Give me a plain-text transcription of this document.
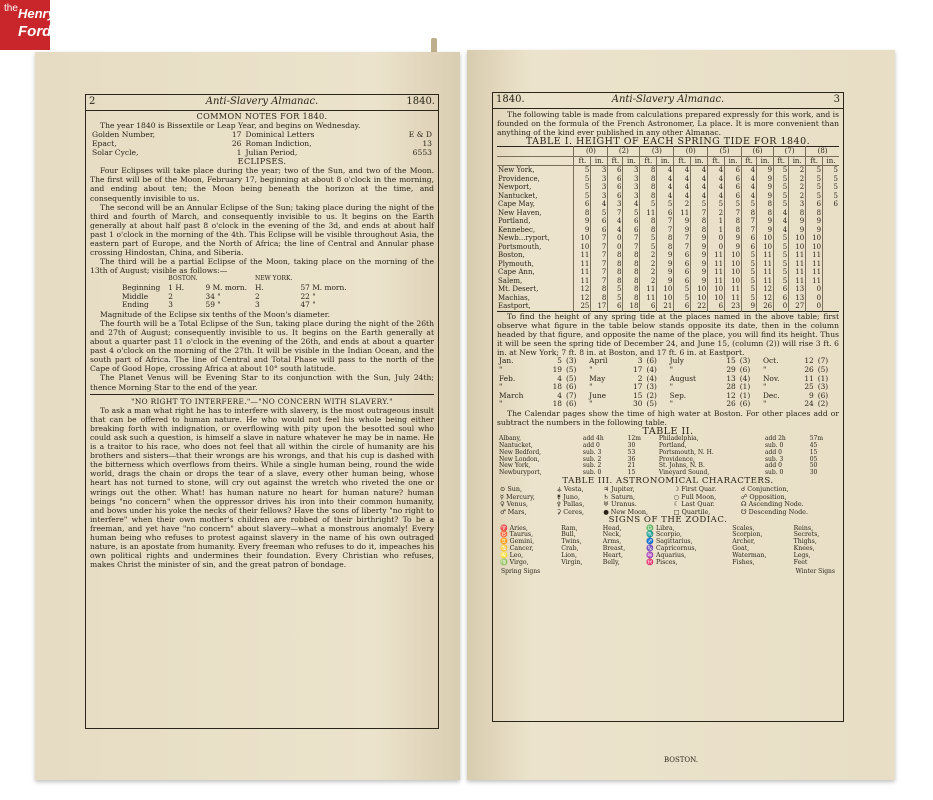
the Henry
Ford
2	Anti-Slavery Almanac.	1840.
COMMON NOTES FOR 1840.

The year 1840 is Bissextile or Leap Year, and begins on Wednesday.

Golden Number,	17	Dominical Letters	E & D
Epact,	26	Roman Indiction,	13
Solar Cycle,	1	Julian Period,	6553
ECLIPSES.

Four Eclipses will take place during the year; two of the Sun, and two of the Moon. The first will be of the Moon, February 17, beginning at about 8 o'clock in the morning, and ending about ten; the Moon being beneath the horizon at the time, and consequently invisible to us.

The second will be an Annular Eclipse of the Sun; taking place during the night of the third and fourth of March, and consequently invisible to us. It begins on the Earth generally at about half past 8 o'clock in the evening of the 3d, and ends at about half past 1 o'clock in the morning of the 4th. This Eclipse will be visible throughout Asia, the eastern part of Europe, and the North of Africa; the line of Central and Annular phase crossing Hindostan, China, and Siberia.

The third will be a partial Eclipse of the Moon, taking place on the morning of the 13th of August; visible as follows:—

	BOSTON.		NEW YORK.	
Beginning	1 H.	9 M. morn.	H.	57 M. morn.
Middle	2	34 "	2	22 "
Ending	3	59 "	3	47 "

Magnitude of the Eclipse six tenths of the Moon's diameter.

The fourth will be a Total Eclipse of the Sun, taking place during the night of the 26th and 27th of August; consequently invisible to us. It begins on the Earth generally at about a quarter past 11 o'clock in the evening of the 26th, and ends at about a quarter past 4 o'clock on the morning of the 27th. It will be visible in the Indian Ocean, and the south part of Africa. The line of Central and Total Phase will pass to the north of the Cape of Good Hope, crossing Africa at about 10° south latitude.

The Planet Venus will be Evening Star to its conjunction with the Sun, July 24th; thence Morning Star to the end of the year.

"NO RIGHT TO INTERFERE."—"NO CONCERN WITH SLAVERY."

To ask a man what right he has to interfere with slavery, is the most outrageous insult that can be offered to human nature. He who would not feel his whole being either breaking forth with indignation, or overflowing with pity upon the besotted soul who could ask such a question, is himself a slave in nature whatever he may be in name. He is a traitor to his race, who does not feel that all within the circle of humanity are his brothers and sisters—that their wrongs are his wrongs, and that his cup is dashed with the bitterness which overflows from theirs. While a single human being, round the wide world, drags the chain or drops the tear of a slave, every other human being, whose heart has not turned to stone, will cry out against the wretch who riveted the one or wrings out the other. What! has human nature no heart for human nature? human beings "no concern" when the oppressor drives his iron into their common humanity, and bows under his yoke the necks of their fellows? Have the sons of liberty "no right to interfere" when their own mother's children are robbed of their birthright? To be a freeman, and yet have "no concern" about slavery—what a monstrous anomaly! Every human being who refuses to protest against slavery in the name of his own outraged nature, is an apostate from humanity. Every freeman who refuses to do it, impeaches his own political rights and undermines their foundation. Every Christian who refuses, makes Christ the minister of sin, and the great patron of bondage.

1840.	Anti-Slavery Almanac.	3

The following table is made from calculations prepared expressly for this work, and is founded on the formula of the French Astronomer, La place. It is more convenient than anything of the kind ever published in any other Almanac.

TABLE I. HEIGHT OF EACH SPRING TIDE FOR 1840.
	(0)		(2)		(3)		(0)		(5)		(6)		(7)		(8)	
	ft.	in.	ft.	in.	ft.	in.	ft.	in.	ft.	in.	ft.	in.	ft.	in.	ft.	in.
New York,	5	3	6	3	8	4	4	4	4	6	4	9	5	2	5	5
Providence,	5	3	6	3	8	4	4	4	4	6	4	9	5	2	5	5
Newport,	5	3	6	3	8	4	4	4	4	6	4	9	5	2	5	5
Nantucket,	5	3	6	3	8	4	4	4	4	6	4	9	5	2	5	5
Cape May,	6	4	3	4	5	5	2	5	5	5	5	8	5	3	6	6
New Haven,	8	5	7	5	11	6	11	7	2	7	8	8	4	8	8	
Portland,	9	6	4	6	8	7	9	8	1	8	7	9	4	9	9	
Kennebec,	9	6	4	6	8	7	9	8	1	8	7	9	4	9	9	
Newb...ryport,	10	7	0	7	5	8	7	9	0	9	6	10	5	10	10	
Portsmouth,	10	7	0	7	5	8	7	9	0	9	6	10	5	10	10	
Boston,	11	7	8	8	2	9	6	9	11	10	5	11	5	11	11	
Plymouth,	11	7	8	8	2	9	6	9	11	10	5	11	5	11	11	
Cape Ann,	11	7	8	8	2	9	6	9	11	10	5	11	5	11	11	
Salem,	11	7	8	8	2	9	6	9	11	10	5	11	5	11	11	
Mt. Desert,	12	8	5	8	11	10	5	10	10	11	5	12	6	13	0	
Machias,	12	8	5	8	11	10	5	10	10	11	5	12	6	13	0	
Eastport,	25	17	6	18	6	21	6	22	6	23	9	26	0	27	0	

To find the height of any spring tide at the places named in the above table; first observe what figure in the table below stands opposite its date, then in the column headed by that figure, and opposite the name of the place, you will find its height. Thus it will be seen the spring tide of December 24, and June 15, (column (2)) will rise 3 ft. 6 in. at New York; 7 ft. 8 in. at Boston, and 17 ft. 6 in. at Eastport.

Jan.	5	(3)	April	3	(6)	July	15	(3)	Oct.	12	(7)
"	19	(5)	"	17	(4)	"	29	(6)	"	26	(5)
Feb.	4	(5)	May	2	(4)	August	13	(4)	Nov.	11	(1)
"	18	(6)	"	17	(3)	"	28	(1)	"	25	(3)
March	4	(7)	June	15	(2)	Sep.	12	(1)	Dec.	9	(6)
"	18	(6)	"	30	(5)	"	26	(6)	"	24	(2)

The Calendar pages show the time of high water at Boston. For other places add or subtract the numbers in the following table.

TABLE II.
Albany,	add 4h	12m	Philadelphia,	add 2h	57m
Nantucket,	add 0	30	Portland,	sub. 0	45
New Bedford,	sub. 3	53	Portsmouth, N. H.	add 0	15
New London,	sub. 2	36	Providence,	sub. 3	05
New York,	sub. 2	21	St. Johns, N. B.	add 0	50
Newburyport,	sub. 0	15	Vineyard Sound,	sub. 0	30
TABLE III. ASTRONOMICAL CHARACTERS.
⊙ Sun,	⚶ Vesta,	♃ Jupiter,	☽ First Quar.	☌ Conjunction,
☿ Mercury,	⚵ Juno,	♄ Saturn,	○ Full Moon,	☍ Opposition,
♀ Venus,	⚴ Pallas,	♅ Uranus.	☾ Last Quar.	☊ Ascending Node.
♂ Mars,	⚳ Ceres,	● New Moon,	□ Quartile,	☋ Descending Node.
SIGNS OF THE ZODIAC.
♈ Aries,	Ram,	Head,	♎ Libra,	Scales,	Reins,
♉ Taurus,	Bull,	Neck,	♏ Scorpio,	Scorpion,	Secrets,
♊ Gemini,	Twins,	Arms,	♐ Sagittarius,	Archer,	Thighs,
♋ Cancer,	Crab,	Breast,	♑ Capricornus,	Goat,	Knees,
♌ Leo,	Lion,	Heart,	♒ Aquarius,	Waterman,	Legs,
♍ Virgo,	Virgin,	Belly,	♓ Pisces,	Fishes,	Feet
Spring Signs	Winter Signs
BOSTON.
